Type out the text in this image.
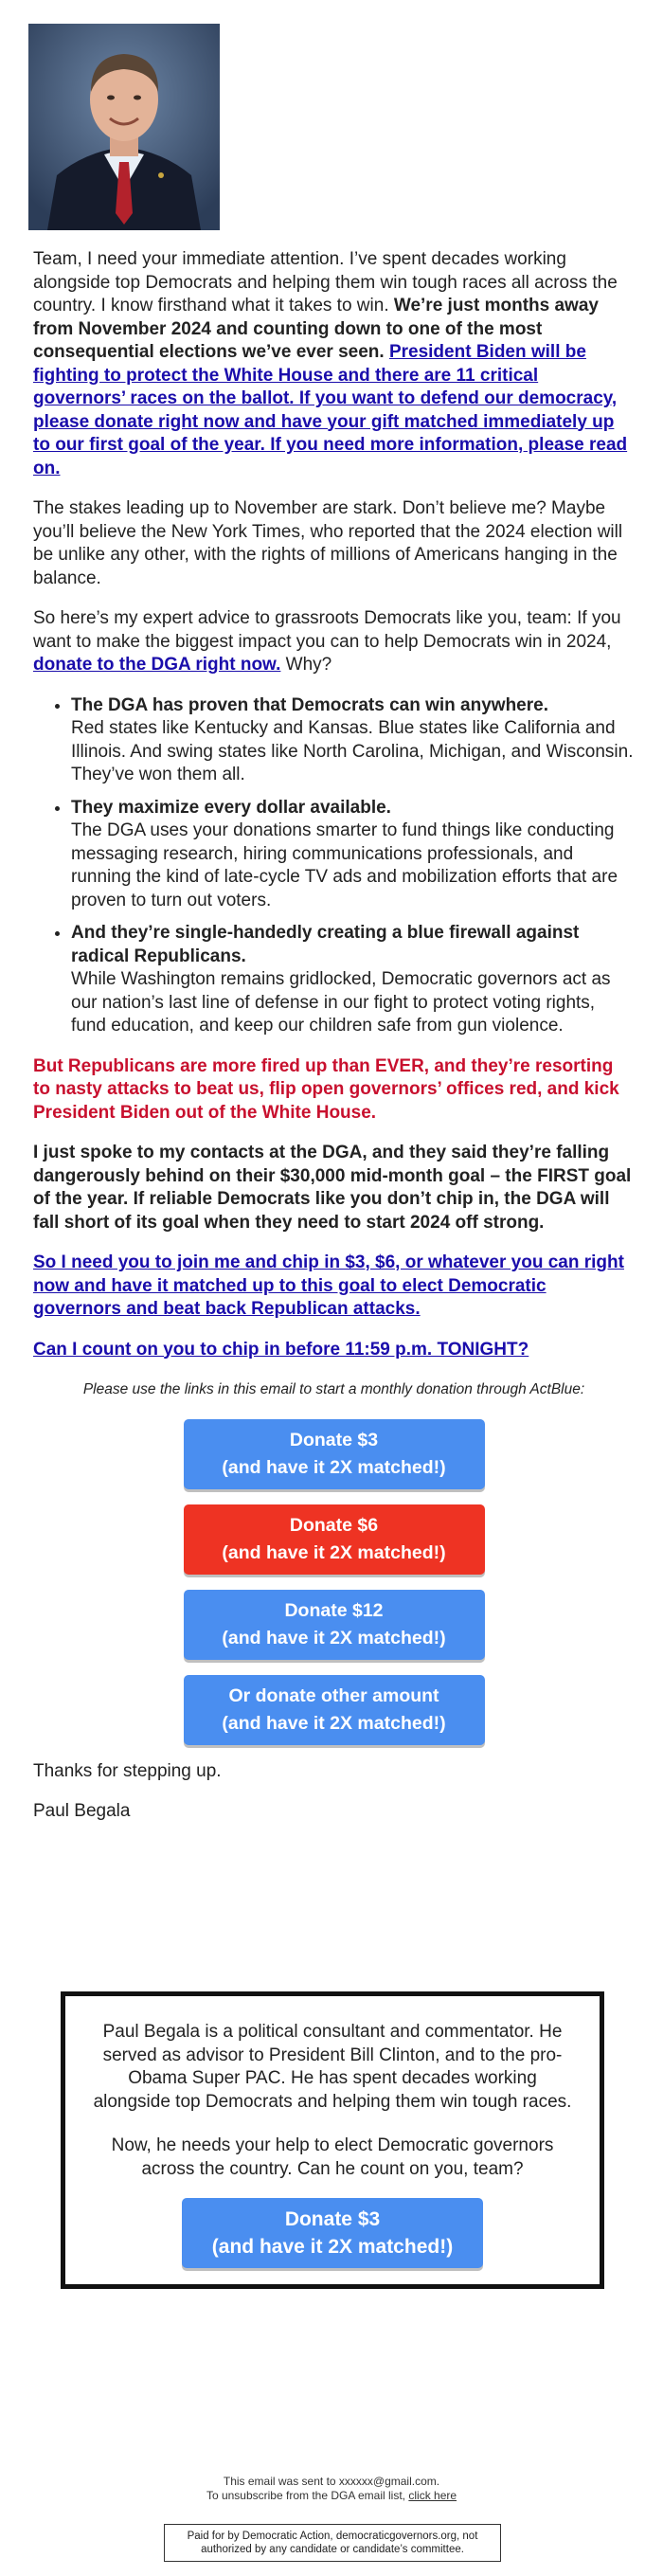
Team, I need your immediate attention. I’ve spent decades working alongside top Democrats and helping them win tough races all across the country. I know firsthand what it takes to win. We’re just months away from November 2024 and counting down to one of the most consequential elections we’ve ever seen. President Biden will be fighting to protect the White House and there are 11 critical governors’ races on the ballot. If you want to defend our democracy, please donate right now and have your gift matched immediately up to our first goal of the year. If you need more information, please read on.

The stakes leading up to November are stark. Don’t believe me? Maybe you’ll believe the New York Times, who reported that the 2024 election will be unlike any other, with the rights of millions of Americans hanging in the balance.

So here’s my expert advice to grassroots Democrats like you, team: If you want to make the biggest impact you can to help Democrats win in 2024, donate to the DGA right now. Why?

• The DGA has proven that Democrats can win anywhere.
Red states like Kentucky and Kansas. Blue states like California and Illinois. And swing states like North Carolina, Michigan, and Wisconsin. They’ve won them all.
• They maximize every dollar available.
The DGA uses your donations smarter to fund things like conducting messaging research, hiring communications professionals, and running the kind of late-cycle TV ads and mobilization efforts that are proven to turn out voters.
• And they’re single-handedly creating a blue firewall against radical Republicans.
While Washington remains gridlocked, Democratic governors act as our nation’s last line of defense in our fight to protect voting rights, fund education, and keep our children safe from gun violence.

But Republicans are more fired up than EVER, and they’re resorting to nasty attacks to beat us, flip open governors’ offices red, and kick President Biden out of the White House.

I just spoke to my contacts at the DGA, and they said they’re falling dangerously behind on their $30,000 mid-month goal – the FIRST goal of the year. If reliable Democrats like you don’t chip in, the DGA will fall short of its goal when they need to start 2024 off strong.

So I need you to join me and chip in $3, $6, or whatever you can right now and have it matched up to this goal to elect Democratic governors and beat back Republican attacks.

Can I count on you to chip in before 11:59 p.m. TONIGHT?

Please use the links in this email to start a monthly donation through ActBlue:

Donate $3
(and have it 2X matched!)
Donate $6
(and have it 2X matched!)
Donate $12
(and have it 2X matched!)
Or donate other amount
(and have it 2X matched!)

Thanks for stepping up.

Paul Begala

Paul Begala is a political consultant and commentator. He served as advisor to President Bill Clinton, and to the pro-Obama Super PAC. He has spent decades working alongside top Democrats and helping them win tough races.

Now, he needs your help to elect Democratic governors across the country. Can he count on you, team?

Donate $3
(and have it 2X matched!)
This email was sent to xxxxxx@gmail.com.
To unsubscribe from the DGA email list, click here
Paid for by Democratic Action, democraticgovernors.org, not authorized by any candidate or candidate’s committee.
